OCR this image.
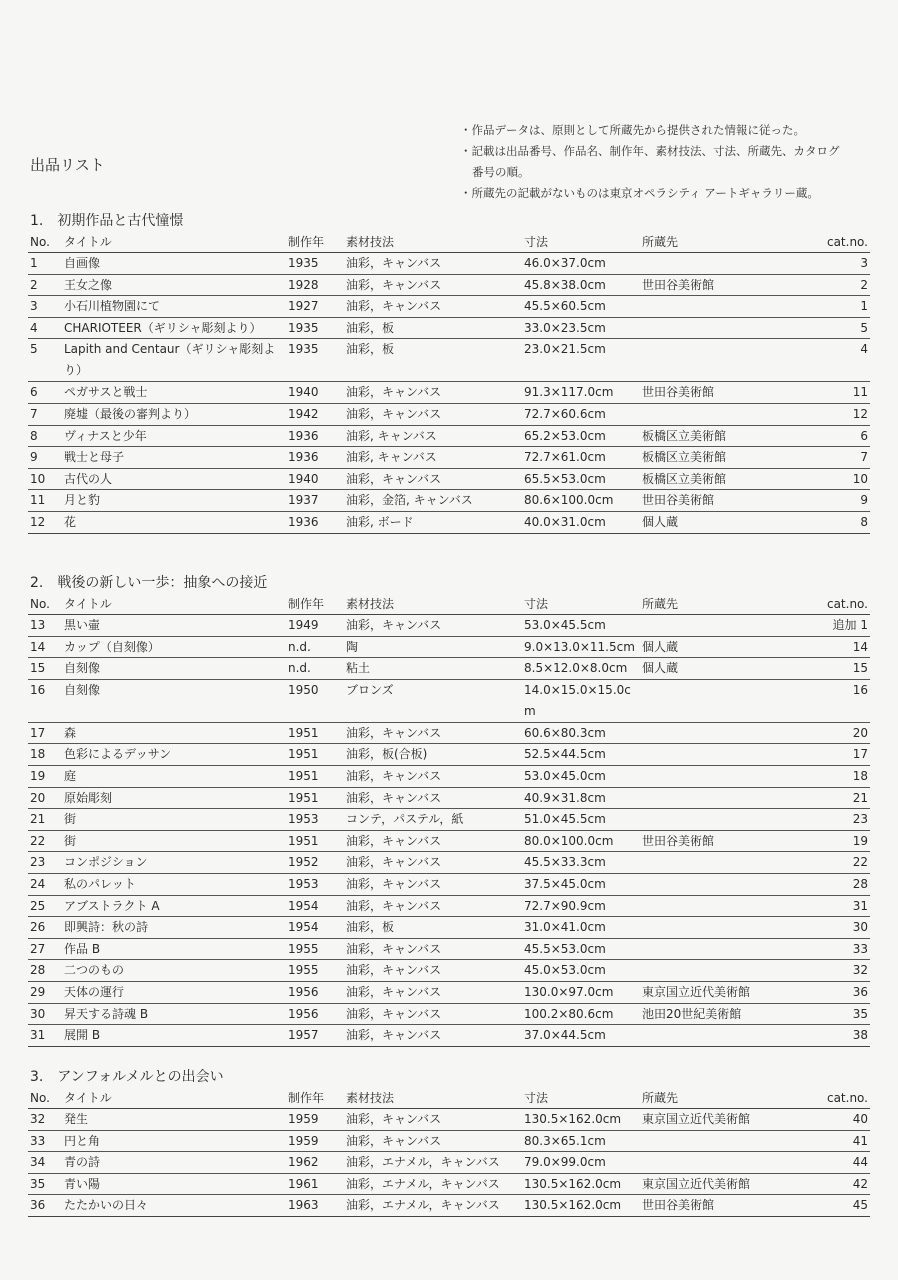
・作品データは、原則として所蔵先から提供された情報に従った。

・記載は出品番号、作品名、制作年、素材技法、寸法、所蔵先、カタログ

番号の順。

・所蔵先の記載がないものは東京オペラシティ アートギャラリー蔵。

出品リスト
1.　初期作品と古代憧憬
No.	タイトル	制作年	素材技法	寸法	所蔵先	cat.no.
1	自画像	1935	油彩，キャンバス	46.0×37.0cm		3
2	王女之像	1928	油彩，キャンバス	45.8×38.0cm	世田谷美術館	2
3	小石川植物園にて	1927	油彩，キャンバス	45.5×60.5cm		1
4	CHARIOTEER（ギリシャ彫刻より）	1935	油彩，板	33.0×23.5cm		5
5	Lapith and Centaur（ギリシャ彫刻より）	1935	油彩，板	23.0×21.5cm		4
6	ペガサスと戦士	1940	油彩，キャンバス	91.3×117.0cm	世田谷美術館	11
7	廃墟（最後の審判より）	1942	油彩，キャンバス	72.7×60.6cm		12
8	ヴィナスと少年	1936	油彩, キャンバス	65.2×53.0cm	板橋区立美術館	6
9	戦士と母子	1936	油彩, キャンバス	72.7×61.0cm	板橋区立美術館	7
10	古代の人	1940	油彩，キャンバス	65.5×53.0cm	板橋区立美術館	10
11	月と豹	1937	油彩，金箔, キャンバス	80.6×100.0cm	世田谷美術館	9
12	花	1936	油彩, ボード	40.0×31.0cm	個人蔵	8
2.　戦後の新しい一歩：抽象への接近
No.	タイトル	制作年	素材技法	寸法	所蔵先	cat.no.
13	黒い壷	1949	油彩，キャンバス	53.0×45.5cm		追加 1
14	カップ（自刻像）	n.d.	陶	9.0×13.0×11.5cm	個人蔵	14
15	自刻像	n.d.	粘土	8.5×12.0×8.0cm	個人蔵	15
16	自刻像	1950	ブロンズ	14.0×15.0×15.0cm		16
17	森	1951	油彩，キャンバス	60.6×80.3cm		20
18	色彩によるデッサン	1951	油彩，板(合板)	52.5×44.5cm		17
19	庭	1951	油彩，キャンバス	53.0×45.0cm		18
20	原始彫刻	1951	油彩，キャンバス	40.9×31.8cm		21
21	街	1953	コンテ，パステル，紙	51.0×45.5cm		23
22	街	1951	油彩，キャンバス	80.0×100.0cm	世田谷美術館	19
23	コンポジション	1952	油彩，キャンバス	45.5×33.3cm		22
24	私のパレット	1953	油彩，キャンバス	37.5×45.0cm		28
25	アブストラクト A	1954	油彩，キャンバス	72.7×90.9cm		31
26	即興詩：秋の詩	1954	油彩，板	31.0×41.0cm		30
27	作品 B	1955	油彩，キャンバス	45.5×53.0cm		33
28	二つのもの	1955	油彩，キャンバス	45.0×53.0cm		32
29	天体の運行	1956	油彩，キャンバス	130.0×97.0cm	東京国立近代美術館	36
30	昇天する詩魂 B	1956	油彩，キャンバス	100.2×80.6cm	池田20世紀美術館	35
31	展開 B	1957	油彩，キャンバス	37.0×44.5cm		38
3.　アンフォルメルとの出会い
No.	タイトル	制作年	素材技法	寸法	所蔵先	cat.no.
32	発生	1959	油彩，キャンバス	130.5×162.0cm	東京国立近代美術館	40
33	円と角	1959	油彩，キャンバス	80.3×65.1cm		41
34	青の詩	1962	油彩，エナメル，キャンバス	79.0×99.0cm		44
35	青い陽	1961	油彩，エナメル，キャンバス	130.5×162.0cm	東京国立近代美術館	42
36	たたかいの日々	1963	油彩，エナメル，キャンバス	130.5×162.0cm	世田谷美術館	45
